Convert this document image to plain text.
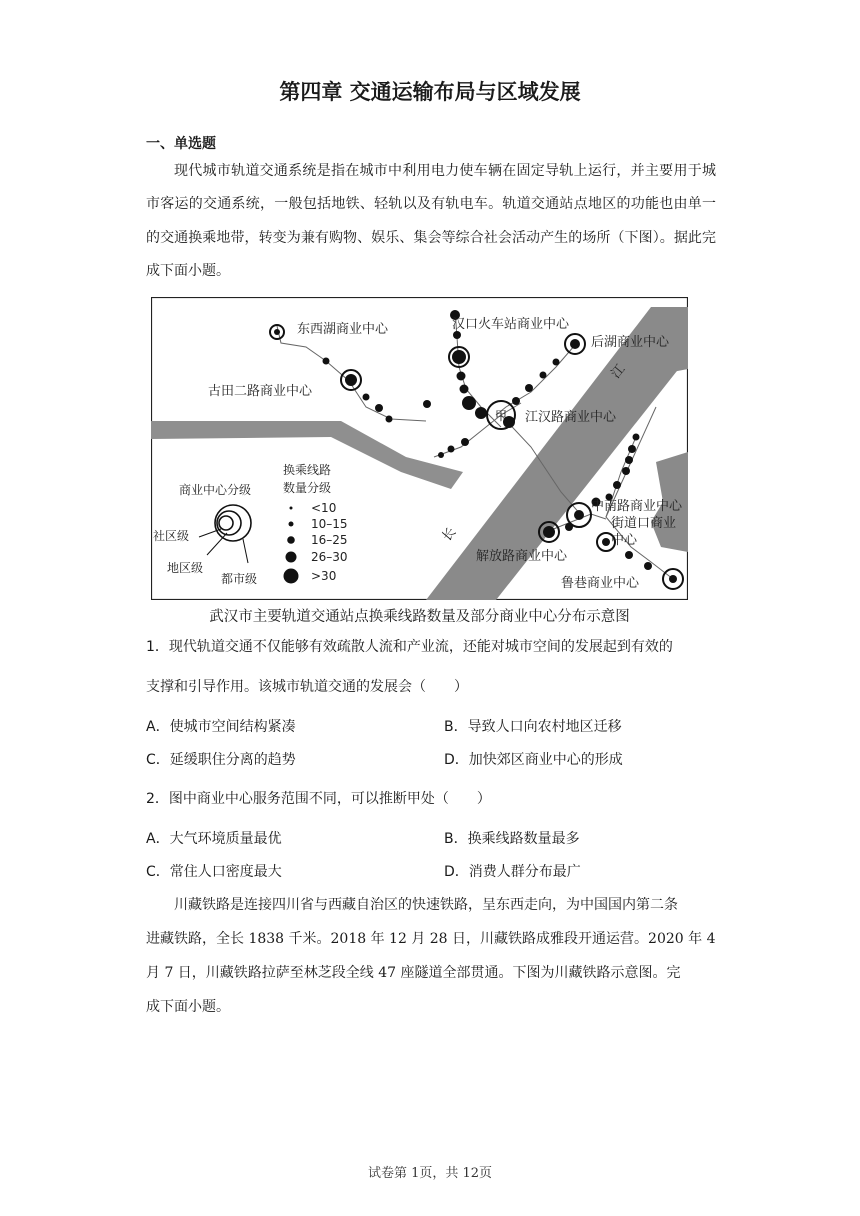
第四章 交通运输布局与区域发展
一、单选题
现代城市轨道交通系统是指在城市中利用电力使车辆在固定导轨上运行，并主要用于城市客运的交通系统，一般包括地铁、轻轨以及有轨电车。轨道交通站点地区的功能也由单一的交通换乘地带，转变为兼有购物、娱乐、集会等综合社会活动产生的场所（下图）。据此完成下面小题。
东西湖商业中心	汉口火车站商业中心
后湖商业中心
古田二路商业中心
江汉路商业中心
中南路商业中心
街道口商业
中心
解放路商业中心
鲁巷商业中心
甲
江
长
商业中心分级
社区级
地区级
都市级
换乘线路
数量分级
<10
10–15
16–25
26–30
>30
武汉市主要轨道交通站点换乘线路数量及部分商业中心分布示意图
1．现代轨道交通不仅能够有效疏散人流和产业流，还能对城市空间的发展起到有效的
支撑和引导作用。该城市轨道交通的发展会（　　）
A．使城市空间结构紧凑	B．导致人口向农村地区迁移
C．延缓职住分离的趋势	D．加快郊区商业中心的形成
2．图中商业中心服务范围不同，可以推断甲处（　　）
A．大气环境质量最优	B．换乘线路数量最多
C．常住人口密度最大	D．消费人群分布最广
川藏铁路是连接四川省与西藏自治区的快速铁路，呈东西走向，为中国国内第二条
进藏铁路，全长 1838 千米。2018 年 12 月 28 日，川藏铁路成雅段开通运营。2020 年 4
月 7 日，川藏铁路拉萨至林芝段全线 47 座隧道全部贯通。下图为川藏铁路示意图。完
成下面小题。
试卷第 1页，共 12页
